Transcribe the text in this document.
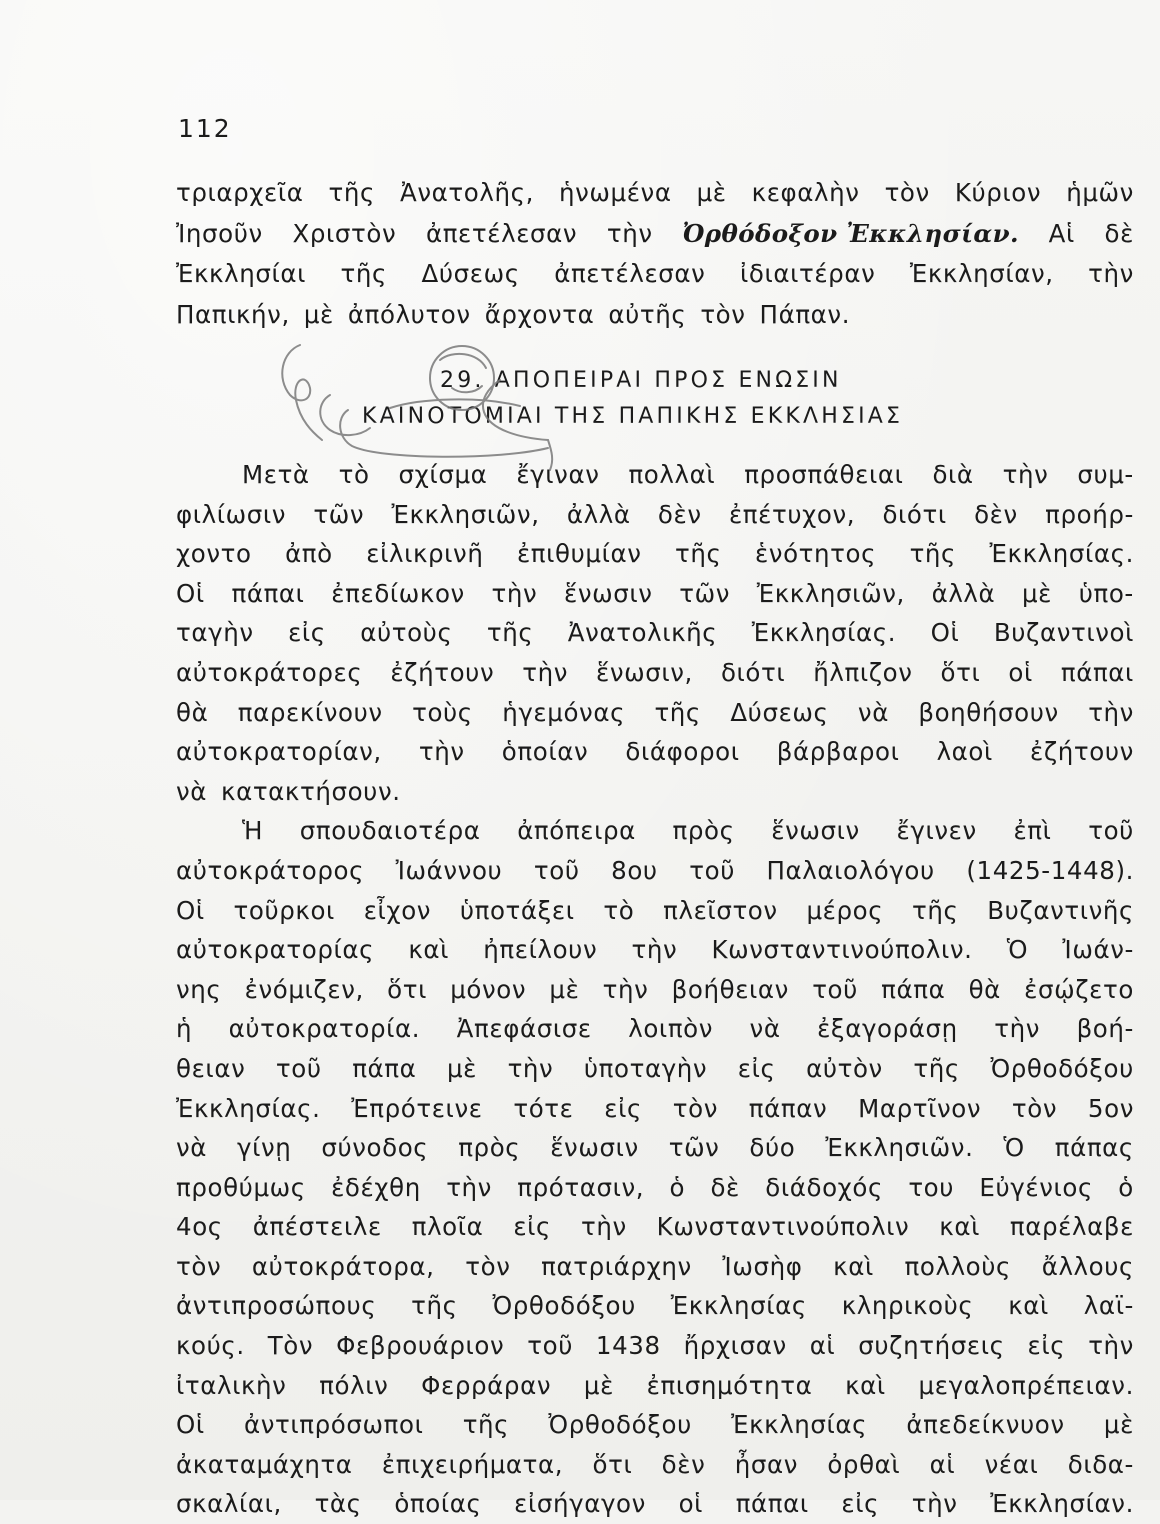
112
τριαρχεῖα τῆς Ἀνατολῆς, ἡνωμένα μὲ κεφαλὴν τὸν Κύριον ἡμῶν
Ἰησοῦν Χριστὸν ἀπετέλεσαν τὴν Ὀρθόδοξον Ἐκκλησίαν. Αἱ δὲ
Ἐκκλησίαι τῆς Δύσεως ἀπετέλεσαν ἰδιαιτέραν Ἐκκλησίαν, τὴν
Παπικήν, μὲ ἀπόλυτον ἄρχοντα αὐτῆς τὸν Πάπαν.
29. ΑΠΟΠΕΙΡΑΙ ΠΡΟΣ ΕΝΩΣΙΝ
ΚΑΙΝΟΤΟΜΙΑΙ ΤΗΣ ΠΑΠΙΚΗΣ ΕΚΚΛΗΣΙΑΣ
Μετὰ τὸ σχίσμα ἔγιναν πολλαὶ προσπάθειαι διὰ τὴν συμ-
φιλίωσιν τῶν Ἐκκλησιῶν, ἀλλὰ δὲν ἐπέτυχον, διότι δὲν προήρ-
χοντο ἀπὸ εἰλικρινῆ ἐπιθυμίαν τῆς ἑνότητος τῆς Ἐκκλησίας.
Οἱ πάπαι ἐπεδίωκον τὴν ἕνωσιν τῶν Ἐκκλησιῶν, ἀλλὰ μὲ ὑπο-
ταγὴν εἰς αὐτοὺς τῆς Ἀνατολικῆς Ἐκκλησίας. Οἱ Βυζαντινοὶ
αὐτοκράτορες ἐζήτουν τὴν ἕνωσιν, διότι ἤλπιζον ὅτι οἱ πάπαι
θὰ παρεκίνουν τοὺς ἡγεμόνας τῆς Δύσεως νὰ βοηθήσουν τὴν
αὐτοκρατορίαν, τὴν ὁποίαν διάφοροι βάρβαροι λαοὶ ἐζήτουν
νὰ κατακτήσουν.
Ἡ σπουδαιοτέρα ἀπόπειρα πρὸς ἕνωσιν ἔγινεν ἐπὶ τοῦ
αὐτοκράτορος Ἰωάννου τοῦ 8ου τοῦ Παλαιολόγου (1425-1448).
Οἱ τοῦρκοι εἶχον ὑποτάξει τὸ πλεῖστον μέρος τῆς Βυζαντινῆς
αὐτοκρατορίας καὶ ἠπείλουν τὴν Κωνσταντινούπολιν. Ὁ Ἰωάν-
νης ἐνόμιζεν, ὅτι μόνον μὲ τὴν βοήθειαν τοῦ πάπα θὰ ἐσῴζετο
ἡ αὐτοκρατορία. Ἀπεφάσισε λοιπὸν νὰ ἐξαγοράσῃ τὴν βοή-
θειαν τοῦ πάπα μὲ τὴν ὑποταγὴν εἰς αὐτὸν τῆς Ὀρθοδόξου
Ἐκκλησίας. Ἐπρότεινε τότε εἰς τὸν πάπαν Μαρτῖνον τὸν 5ον
νὰ γίνῃ σύνοδος πρὸς ἕνωσιν τῶν δύο Ἐκκλησιῶν. Ὁ πάπας
προθύμως ἐδέχθη τὴν πρότασιν, ὁ δὲ διάδοχός του Εὐγένιος ὁ
4ος ἀπέστειλε πλοῖα εἰς τὴν Κωνσταντινούπολιν καὶ παρέλαβε
τὸν αὐτοκράτορα, τὸν πατριάρχην Ἰωσὴφ καὶ πολλοὺς ἄλλους
ἀντιπροσώπους τῆς Ὀρθοδόξου Ἐκκλησίας κληρικοὺς καὶ λαϊ-
κούς. Τὸν Φεβρουάριον τοῦ 1438 ἤρχισαν αἱ συζητήσεις εἰς τὴν
ἰταλικὴν πόλιν Φερράραν μὲ ἐπισημότητα καὶ μεγαλοπρέπειαν.
Οἱ ἀντιπρόσωποι τῆς Ὀρθοδόξου Ἐκκλησίας ἀπεδείκνυον μὲ
ἀκαταμάχητα ἐπιχειρήματα, ὅτι δὲν ἦσαν ὀρθαὶ αἱ νέαι διδα-
σκαλίαι, τὰς ὁποίας εἰσήγαγον οἱ πάπαι εἰς τὴν Ἐκκλησίαν.
